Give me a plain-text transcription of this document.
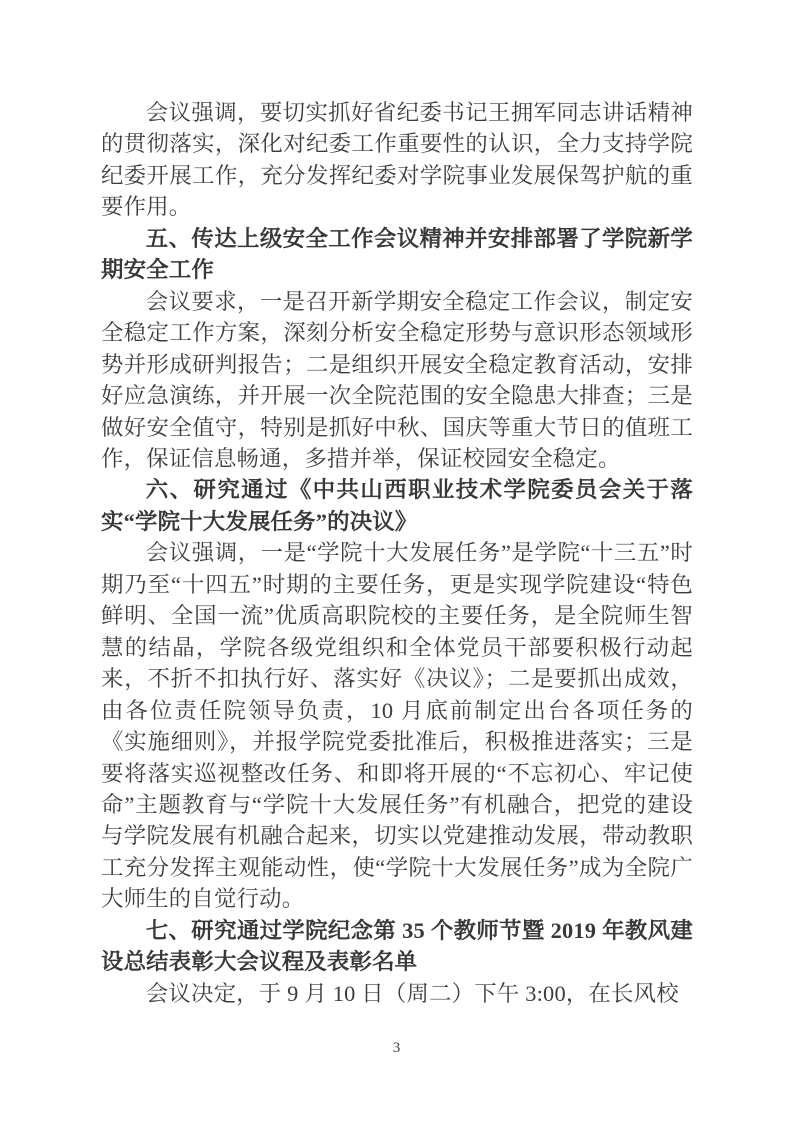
会议强调，要切实抓好省纪委书记王拥军同志讲话精神的贯彻落实，深化对纪委工作重要性的认识，全力支持学院纪委开展工作，充分发挥纪委对学院事业发展保驾护航的重要作用。

五、传达上级安全工作会议精神并安排部署了学院新学期安全工作

会议要求，一是召开新学期安全稳定工作会议，制定安全稳定工作方案，深刻分析安全稳定形势与意识形态领域形势并形成研判报告；二是组织开展安全稳定教育活动，安排好应急演练，并开展一次全院范围的安全隐患大排查；三是做好安全值守，特别是抓好中秋、国庆等重大节日的值班工作，保证信息畅通，多措并举，保证校园安全稳定。

六、研究通过《中共山西职业技术学院委员会关于落实“学院十大发展任务”的决议》

会议强调，一是“学院十大发展任务”是学院“十三五”时期乃至“十四五”时期的主要任务，更是实现学院建设“特色鲜明、全国一流”优质高职院校的主要任务，是全院师生智慧的结晶，学院各级党组织和全体党员干部要积极行动起来，不折不扣执行好、落实好《决议》；二是要抓出成效，由各位责任院领导负责，10 月底前制定出台各项任务的《实施细则》，并报学院党委批准后，积极推进落实；三是要将落实巡视整改任务、和即将开展的“不忘初心、牢记使命”主题教育与“学院十大发展任务”有机融合，把党的建设与学院发展有机融合起来，切实以党建推动发展，带动教职工充分发挥主观能动性，使“学院十大发展任务”成为全院广大师生的自觉行动。

七、研究通过学院纪念第 35 个教师节暨 2019 年教风建设总结表彰大会议程及表彰名单

会议决定，于 9 月 10 日（周二）下午 3:00，在长风校

3
